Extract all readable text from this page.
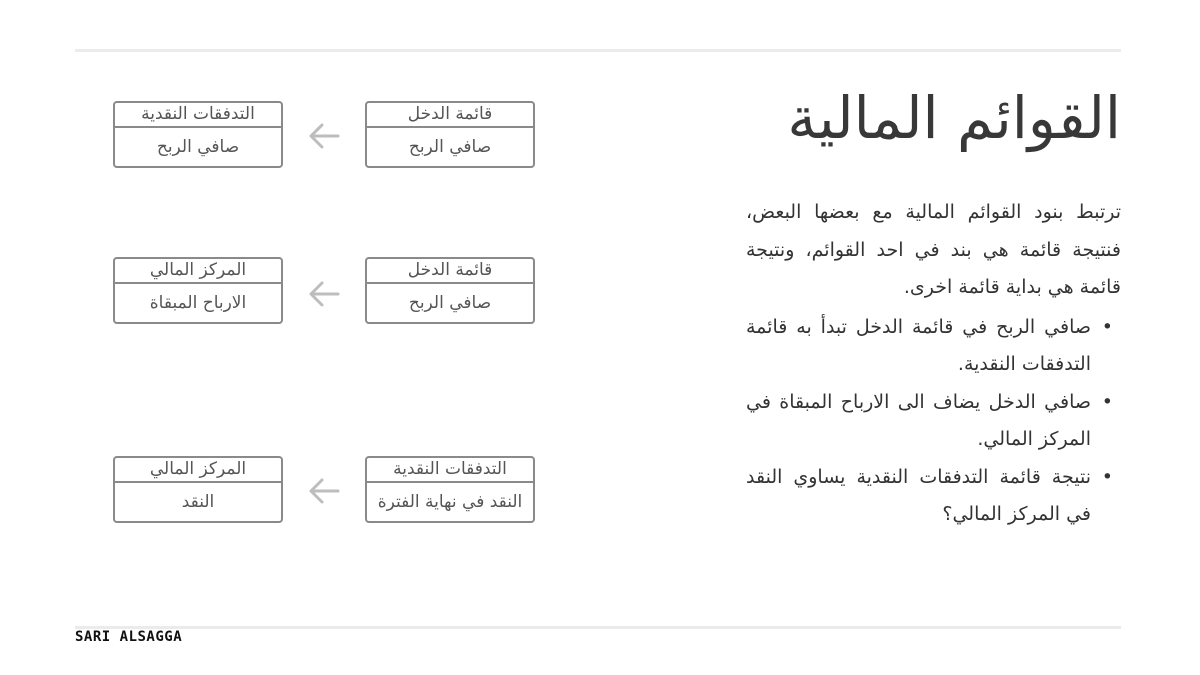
القوائم المالية

ترتبط بنود القوائم المالية مع بعضها البعض، فنتيجة قائمة هي بند في احد القوائم، ونتيجة قائمة هي بداية قائمة اخرى.

• صافي الربح في قائمة الدخل تبدأ به قائمة التدفقات النقدية.
• صافي الدخل يضاف الى الارباح المبقاة في المركز المالي.
• نتيجة قائمة التدفقات النقدية يساوي النقد في المركز المالي؟
قائمة الدخل
صافي الربح
التدفقات النقدية
صافي الربح
قائمة الدخل
صافي الربح
المركز المالي
الارباح المبقاة
التدفقات النقدية
النقد في نهاية الفترة
المركز المالي
النقد
SARI ALSAGGA
